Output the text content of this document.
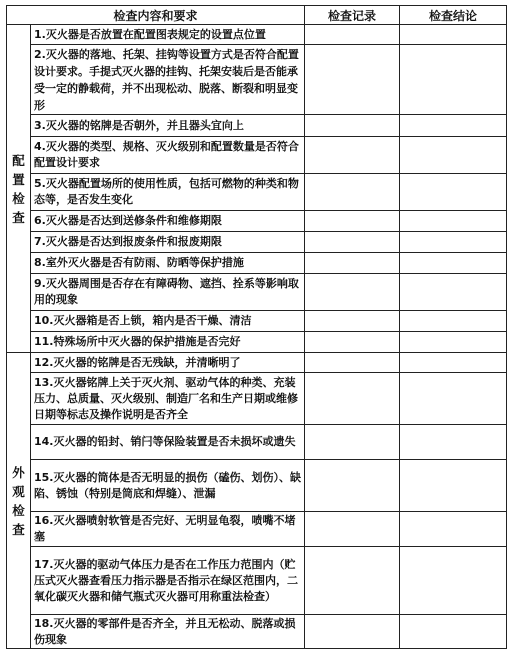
检查内容和要求		检查记录	检查结论

配
置
检
查	1.灭火器是否放置在配置图表规定的设置点位置		
	2.灭火器的落地、托架、挂钩等设置方式是否符合配置设计要求。手提式灭火器的挂钩、托架安装后是否能承受一定的静载荷，并不出现松动、脱落、断裂和明显变形		
	3.灭火器的铭牌是否朝外，并且器头宜向上		
	4.灭火器的类型、规格、灭火级别和配置数量是否符合配置设计要求		
	5.灭火器配置场所的使用性质，包括可燃物的种类和物态等，是否发生变化		
	6.灭火器是否达到送修条件和维修期限		
	7.灭火器是否达到报废条件和报废期限		
	8.室外灭火器是否有防雨、防晒等保护措施		
	9.灭火器周围是否存在有障碍物、遮挡、拴系等影响取用的现象		
	10.灭火器箱是否上锁，箱内是否干燥、清洁		
	11.特殊场所中灭火器的保护措施是否完好		

外
观
检
查	12.灭火器的铭牌是否无残缺，并清晰明了		
	13.灭火器铭牌上关于灭火剂、驱动气体的种类、充装压力、总质量、灭火级别、制造厂名和生产日期或维修日期等标志及操作说明是否齐全		
	14.灭火器的铅封、销闩等保险装置是否未损坏或遗失		
	15.灭火器的筒体是否无明显的损伤（磕伤、划伤）、缺陷、锈蚀（特别是筒底和焊缝）、泄漏		
	16.灭火器喷射软管是否完好、无明显龟裂，喷嘴不堵塞		
	17.灭火器的驱动气体压力是否在工作压力范围内（贮压式灭火器查看压力指示器是否指示在绿区范围内，二氧化碳灭火器和储气瓶式灭火器可用称重法检查）		
	18.灭火器的零部件是否齐全，并且无松动、脱落或损伤现象		
